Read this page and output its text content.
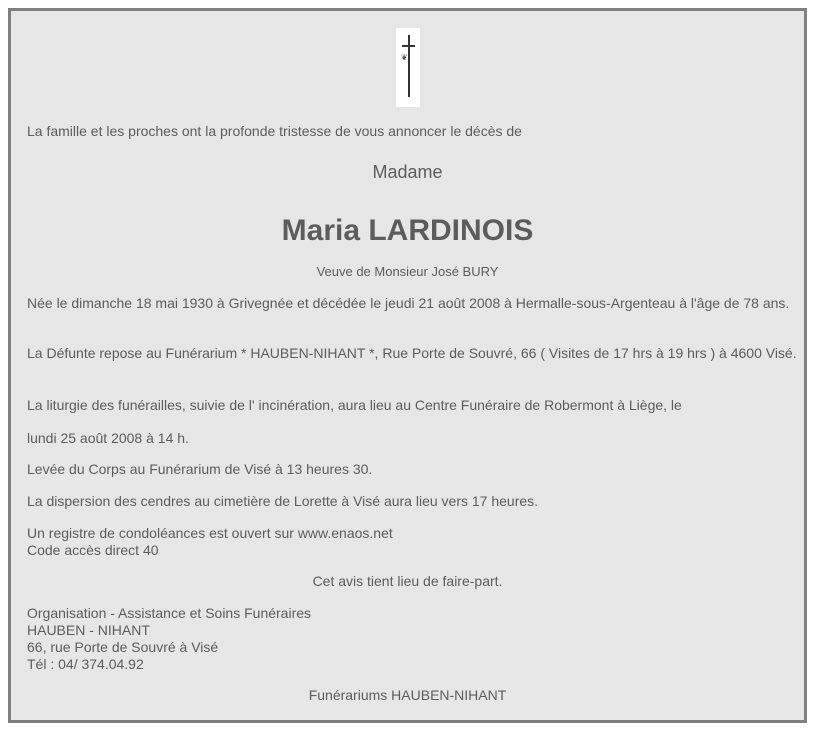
❦
La famille et les proches ont la profonde tristesse de vous annoncer le décès de
Madame
Maria LARDINOIS
Veuve de Monsieur José BURY
Née le dimanche 18 mai 1930 à Grivegnée et décédée le jeudi 21 août 2008 à Hermalle-sous-Argenteau à l'âge de 78 ans.
La Défunte repose au Funérarium * HAUBEN-NIHANT *, Rue Porte de Souvré, 66 ( Visites de 17 hrs à 19 hrs ) à 4600 Visé.
La liturgie des funérailles, suivie de l' incinération, aura lieu au Centre Funéraire de Robermont à Liège, le
lundi 25 août 2008 à 14 h.
Levée du Corps au Funérarium de Visé à 13 heures 30.
La dispersion des cendres au cimetière de Lorette à Visé aura lieu vers 17 heures.
Un registre de condoléances est ouvert sur www.enaos.net
Code accès direct 40
Cet avis tient lieu de faire-part.
Organisation - Assistance et Soins Funéraires
HAUBEN - NIHANT
66, rue Porte de Souvré à Visé
Tél : 04/ 374.04.92
Funérariums HAUBEN-NIHANT
